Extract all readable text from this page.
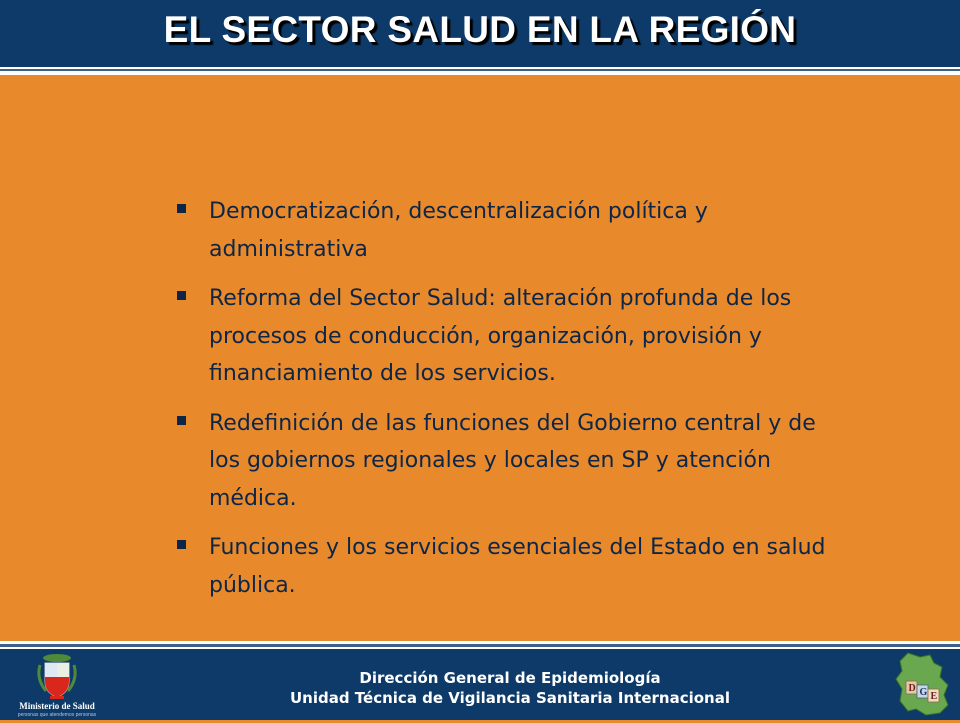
EL SECTOR SALUD EN LA REGIÓN
Democratización, descentralización política y
administrativa
Reforma del Sector Salud: alteración profunda de los
procesos de conducción, organización, provisión y
financiamiento de los servicios.
Redefinición de las funciones del Gobierno central y de
los gobiernos regionales y locales en SP y atención
médica.
Funciones y los servicios esenciales del Estado en salud
pública.
Ministerio de Salud
personas que atendemos personas
Dirección General de Epidemiología
Unidad Técnica de Vigilancia Sanitaria Internacional
D G E
